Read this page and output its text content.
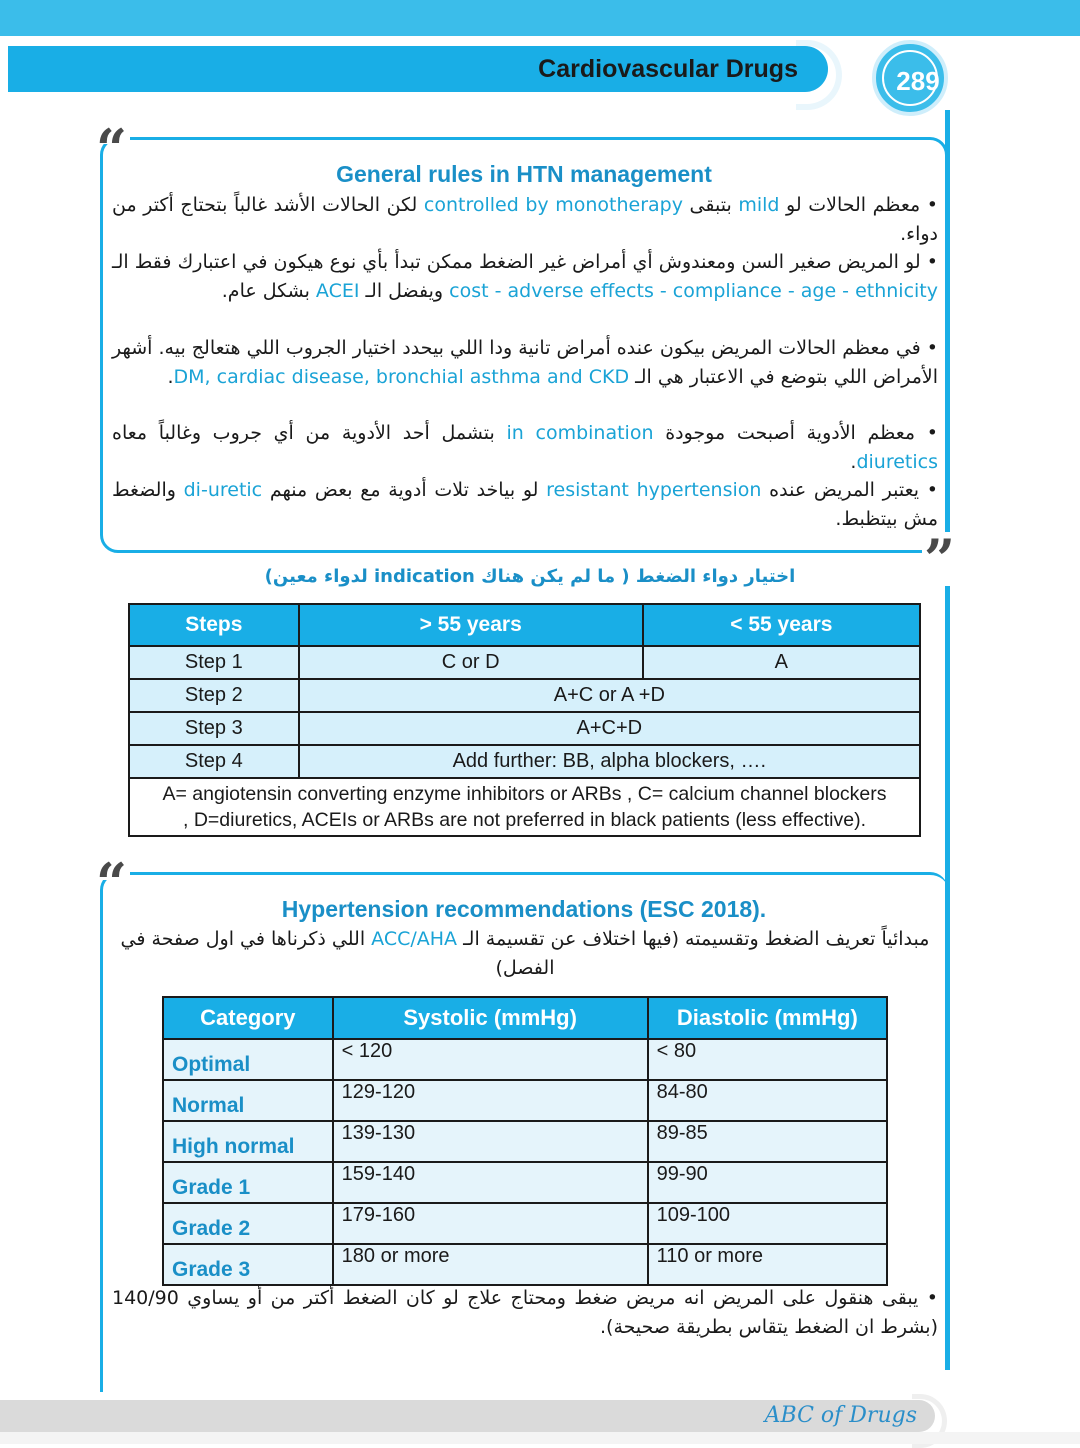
Cardiovascular Drugs	289
“
”
General rules in HTN management
• معظم الحالات لو mild بتبقى controlled by monotherapy لكن الحالات الأشد غالباً بتحتاج أكتر من دواء.
• لو المريض صغير السن ومعندوش أي أمراض غير الضغط ممكن تبدأ بأي نوع هيكون في اعتبارك فقط الـ cost - adverse effects - compliance - age - ethnicity ويفضل الـ ACEI بشكل عام.
• في معظم الحالات المريض بيكون عنده أمراض تانية ودا اللي بيحدد اختيار الجروب اللي هتعالج بيه. أشهر الأمراض اللي بتوضع في الاعتبار هي الـ DM, cardiac disease, bronchial asthma and CKD.
• معظم الأدوية أصبحت موجودة in combination بتشمل أحد الأدوية من أي جروب وغالباً معاه diuretics.
• يعتبر المريض عنده resistant hypertension لو بياخد تلات أدوية مع بعض منهم di-uretic والضغط مش بيتظبط.
اختيار دواء الضغط ( ما لم يكن هناك indication لدواء معين)
Steps	> 55 years	< 55 years
Step 1	C or D	A
Step 2	A+C or A +D	
Step 3	A+C+D	
Step 4	Add further: BB, alpha blockers, ….	

A= angiotensin converting enzyme inhibitors or ARBs , C= calcium channel blockers
, D=diuretics, ACEIs or ARBs are not preferred in black patients (less effective).		
“	Hypertension recommendations (ESC 2018).
مبدائياً تعريف الضغط وتقسيمته (فيها اختلاف عن تقسيمة الـ ACC/AHA اللي ذكرناها في اول صفحة في الفصل)
Category	Systolic (mmHg)	Diastolic (mmHg)
Optimal	< 120	< 80
Normal	129-120	84-80
High normal	139-130	89-85
Grade 1	159-140	99-90
Grade 2	179-160	109-100
Grade 3	180 or more	110 or more
• يبقى هنقول على المريض انه مريض ضغط ومحتاج علاج لو كان الضغط أكتر من أو يساوي 140/90 (بشرط ان الضغط يتقاس بطريقة صحيحة).
ABC of Drugs
